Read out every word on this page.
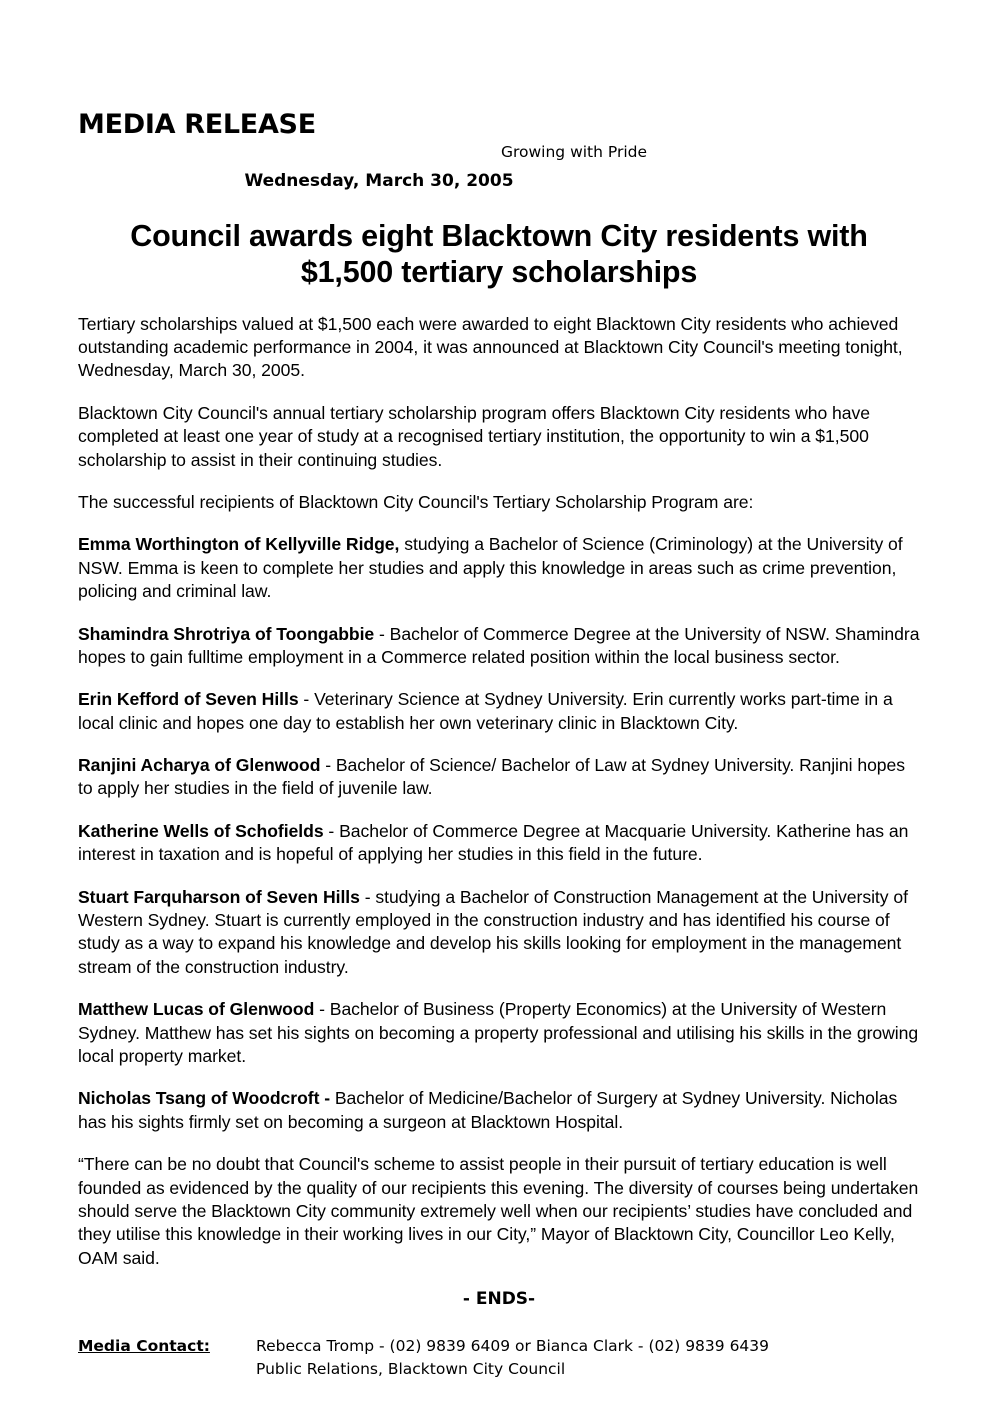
MEDIA RELEASE
Growing with Pride
Wednesday, March 30, 2005
Council awards eight Blacktown City residents with $1,500 tertiary scholarships

Tertiary scholarships valued at $1,500 each were awarded to eight Blacktown City residents who achieved outstanding academic performance in 2004, it was announced at Blacktown City Council's meeting tonight, Wednesday, March 30, 2005.

Blacktown City Council's annual tertiary scholarship program offers Blacktown City residents who have completed at least one year of study at a recognised tertiary institution, the opportunity to win a $1,500 scholarship to assist in their continuing studies.

The successful recipients of Blacktown City Council's Tertiary Scholarship Program are:

Emma Worthington of Kellyville Ridge, studying a Bachelor of Science (Criminology) at the University of NSW. Emma is keen to complete her studies and apply this knowledge in areas such as crime prevention, policing and criminal law.

Shamindra Shrotriya of Toongabbie - Bachelor of Commerce Degree at the University of NSW. Shamindra hopes to gain fulltime employment in a Commerce related position within the local business sector.

Erin Kefford of Seven Hills - Veterinary Science at Sydney University. Erin currently works part-time in a local clinic and hopes one day to establish her own veterinary clinic in Blacktown City.

Ranjini Acharya of Glenwood - Bachelor of Science/ Bachelor of Law at Sydney University. Ranjini hopes to apply her studies in the field of juvenile law.

Katherine Wells of Schofields - Bachelor of Commerce Degree at Macquarie University. Katherine has an interest in taxation and is hopeful of applying her studies in this field in the future.

Stuart Farquharson of Seven Hills - studying a Bachelor of Construction Management at the University of Western Sydney. Stuart is currently employed in the construction industry and has identified his course of study as a way to expand his knowledge and develop his skills looking for employment in the management stream of the construction industry.

Matthew Lucas of Glenwood - Bachelor of Business (Property Economics) at the University of Western Sydney. Matthew has set his sights on becoming a property professional and utilising his skills in the growing local property market.

Nicholas Tsang of Woodcroft - Bachelor of Medicine/Bachelor of Surgery at Sydney University. Nicholas has his sights firmly set on becoming a surgeon at Blacktown Hospital.

“There can be no doubt that Council's scheme to assist people in their pursuit of tertiary education is well founded as evidenced by the quality of our recipients this evening. The diversity of courses being undertaken should serve the Blacktown City community extremely well when our recipients’ studies have concluded and they utilise this knowledge in their working lives in our City,” Mayor of Blacktown City, Councillor Leo Kelly, OAM said.

- ENDS-
Media Contact:	Rebecca Tromp - (02) 9839 6409 or Bianca Clark - (02) 9839 6439
Public Relations, Blacktown City Council
